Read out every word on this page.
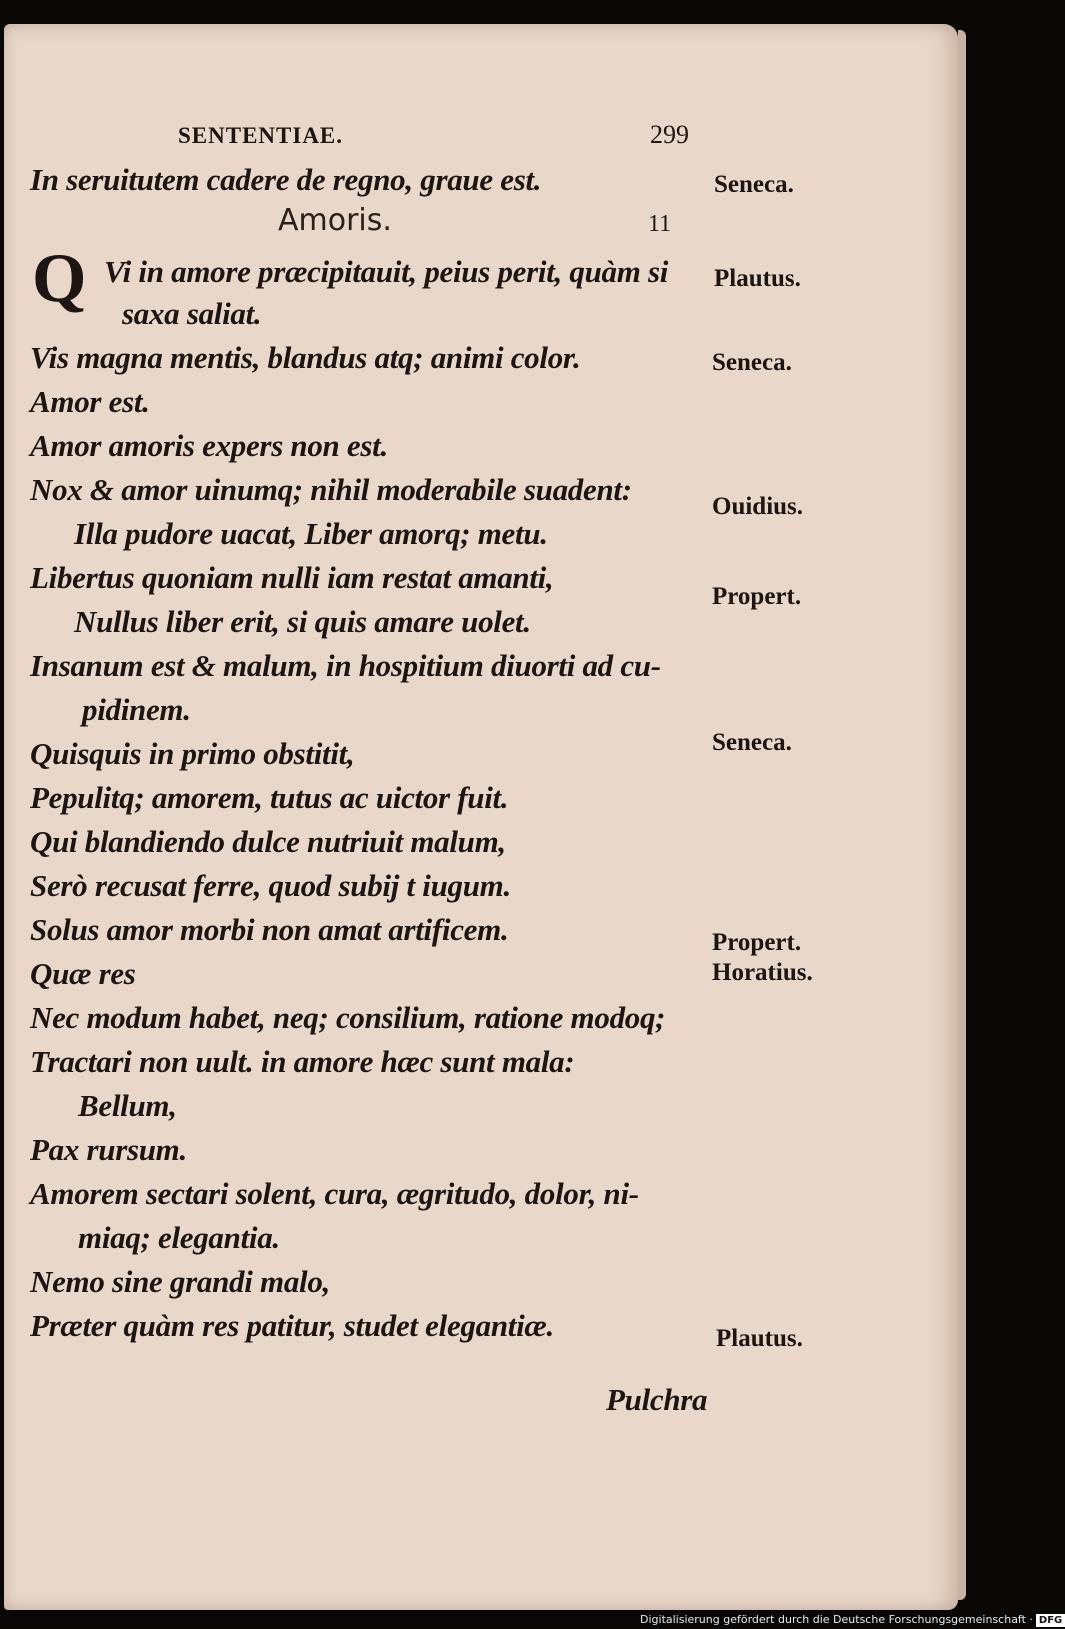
SENTENTIAE.	299
In seruitutem cadere de regno, graue est.
Amoris.	11
Q Vi in amore præcipitauit, peius perit, quàm si
saxa saliat.
Vis magna mentis, blandus atq; animi color.
Amor est.
Amor amoris expers non est.
Nox & amor uinumq; nihil moderabile suadent:
Illa pudore uacat, Liber amorq; metu.
Libertus quoniam nulli iam restat amanti,
Nullus liber erit, si quis amare uolet.
Insanum est & malum, in hospitium diuorti ad cu-
pidinem.
Quisquis in primo obstitit,
Pepulitq; amorem, tutus ac uictor fuit.
Qui blandiendo dulce nutriuit malum,
Serò recusat ferre, quod subij t iugum.
Solus amor morbi non amat artificem.
Quæ res
Nec modum habet, neq; consilium, ratione modoq;
Tractari non uult. in amore hæc sunt mala:
Bellum,
Pax rursum.
Amorem sectari solent, cura, ægritudo, dolor, ni-
miaq; elegantia.
Nemo sine grandi malo,
Præter quàm res patitur, studet elegantiæ.
Pulchra
Seneca.
Plautus.
Seneca.
Ouidius.
Propert.
Seneca.
Propert.
Horatius.
Plautus.
Digitalisierung gefördert durch die Deutsche Forschungsgemeinschaft · DFG
